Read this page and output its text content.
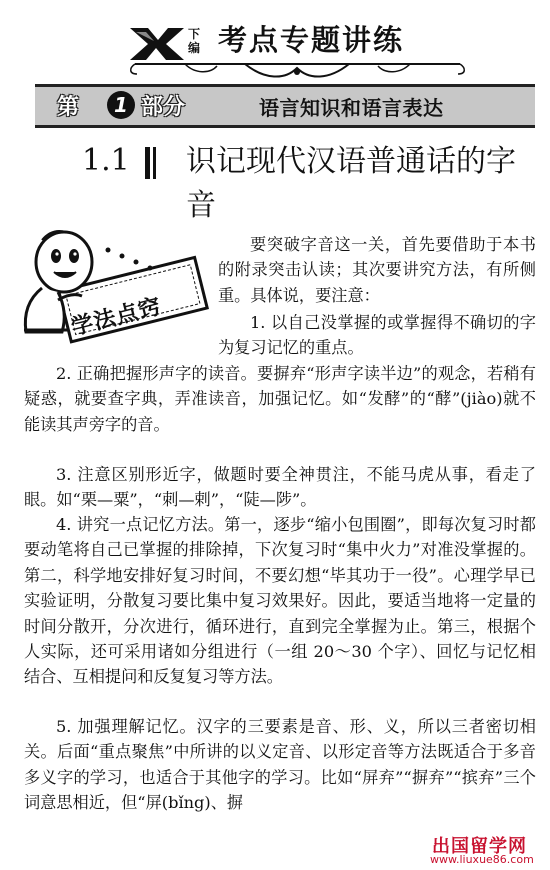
下编 考点专题讲练
第	1 部分	语言知识和语言表达
1.1 识记现代汉语普通话的字音
学法点窍
要突破字音这一关，首先要借助于本书的附录突击认读；其次要讲究方法，有所侧重。具体说，要注意：
1. 以自己没掌握的或掌握得不确切的字为复习记忆的重点。
2. 正确把握形声字的读音。要摒弃“形声字读半边”的观念，若稍有疑惑，就要查字典，弄准读音，加强记忆。如“发酵”的“酵”(jiào)就不能读其声旁字的音。
3. 注意区别形近字，做题时要全神贯注，不能马虎从事，看走了眼。如“栗—粟”，“刺—剌”，“陡—陟”。
4. 讲究一点记忆方法。第一，逐步“缩小包围圈”，即每次复习时都要动笔将自己已掌握的排除掉，下次复习时“集中火力”对准没掌握的。第二，科学地安排好复习时间，不要幻想“毕其功于一役”。心理学早已实验证明，分散复习要比集中复习效果好。因此，要适当地将一定量的时间分散开，分次进行，循环进行，直到完全掌握为止。第三，根据个人实际，还可采用诸如分组进行（一组 20～30 个字）、回忆与记忆相结合、互相提问和反复复习等方法。
5. 加强理解记忆。汉字的三要素是音、形、义，所以三者密切相关。后面“重点聚焦”中所讲的以义定音、以形定音等方法既适合于多音多义字的学习，也适合于其他字的学习。比如“屏弃”“摒弃”“摈弃”三个词意思相近，但“屏(bǐng)、摒
出国留学网
www.liuxue86.com
